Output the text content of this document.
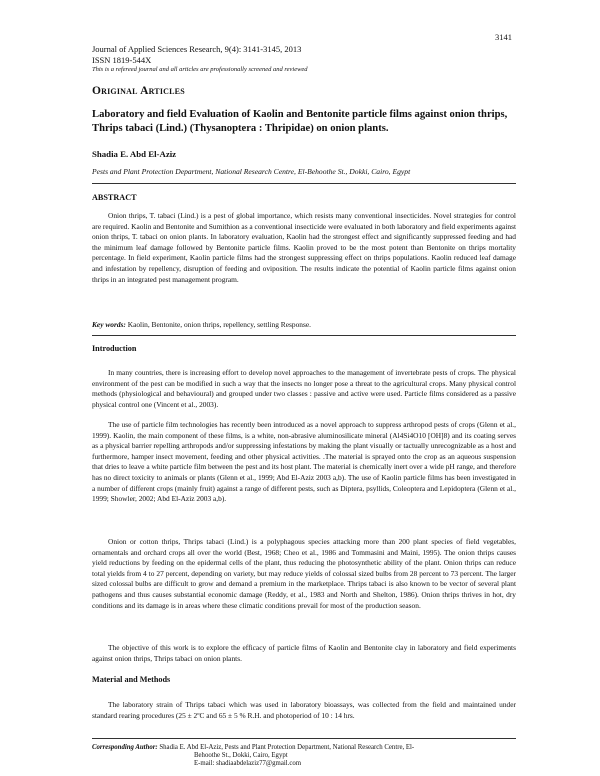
3141
Journal of Applied Sciences Research, 9(4): 3141-3145, 2013
ISSN 1819-544X
This is a refereed journal and all articles are professionally screened and reviewed
Original Articles
Laboratory and field Evaluation of Kaolin and Bentonite particle films against onion thrips, Thrips tabaci (Lind.) (Thysanoptera : Thripidae) on onion plants.
Shadia E. Abd El-Aziz
Pests and Plant Protection Department, National Research Centre, El-Behoothe St., Dokki, Cairo, Egypt
ABSTRACT
Onion thrips, T. tabaci (Lind.) is a pest of global importance, which resists many conventional insecticides. Novel strategies for control are required. Kaolin and Bentonite and Sumithion as a conventional insecticide were evaluated in both laboratory and field experiments against onion thrips, T. tabaci on onion plants. In laboratory evaluation, Kaolin had the strongest effect and significantly suppressed feeding and had the minimum leaf damage followed by Bentonite particle films. Kaolin proved to be the most potent than Bentonite on thrips mortality percentage. In field experiment, Kaolin particle films had the strongest suppressing effect on thrips populations. Kaolin reduced leaf damage and infestation by repellency, disruption of feeding and oviposition. The results indicate the potential of Kaolin particle films against onion thrips in an integrated pest management program.
Key words: Kaolin, Bentonite, onion thrips, repellency, settling Response.
Introduction
In many countries, there is increasing effort to develop novel approaches to the management of invertebrate pests of crops. The physical environment of the pest can be modified in such a way that the insects no longer pose a threat to the agricultural crops. Many physical control methods (physiological and behavioural) and grouped under two classes : passive and active were used. Particle films considered as a passive physical control one (Vincent et al., 2003).
The use of particle film technologies has recently been introduced as a novel approach to suppress arthropod pests of crops (Glenn et al., 1999). Kaolin, the main component of these films, is a white, non-abrasive aluminosilicate mineral (Al4Si4O10 [OH]8) and its coating serves as a physical barrier repelling arthropods and/or suppressing infestations by making the plant visually or tactually unrecognizable as a host and furthermore, hamper insect movement, feeding and other physical activities. .The material is sprayed onto the crop as an aqueous suspension that dries to leave a white particle film between the pest and its host plant. The material is chemically inert over a wide pH range, and therefore has no direct toxicity to animals or plants (Glenn et al., 1999; Abd El-Aziz 2003 a,b). The use of Kaolin particle films has been investigated in a number of different crops (mainly fruit) against a range of different pests, such as Diptera, psyllids, Coleoptera and Lepidoptera (Glenn et al., 1999; Showler, 2002; Abd El-Aziz 2003 a,b).
Onion or cotton thrips, Thrips tabaci (Lind.) is a polyphagous species attacking more than 200 plant species of field vegetables, ornamentals and orchard crops all over the world (Best, 1968; Cheo et al., 1986 and Tommasini and Maini, 1995). The onion thrips causes yield reductions by feeding on the epidermal cells of the plant, thus reducing the photosynthetic ability of the plant. Onion thrips can reduce total yields from 4 to 27 percent, depending on variety, but may reduce yields of colossal sized bulbs from 28 percent to 73 percent. The larger sized colossal bulbs are difficult to grow and demand a premium in the marketplace. Thrips tabaci is also known to be vector of several plant pathogens and thus causes substantial economic damage (Reddy, et al., 1983 and North and Shelton, 1986). Onion thrips thrives in hot, dry conditions and its damage is in areas where these climatic conditions prevail for most of the production season.
The objective of this work is to explore the efficacy of particle films of Kaolin and Bentonite clay in laboratory and field experiments against onion thrips, Thrips tabaci on onion plants.
Material and Methods
The laboratory strain of Thrips tabaci which was used in laboratory bioassays, was collected from the field and maintained under standard rearing procedures (25 ± 2ºC and 65 ± 5 % R.H. and photoperiod of 10 : 14 hrs.
Corresponding Author: Shadia E. Abd El-Aziz, Pests and Plant Protection Department, National Research Centre, El-
Behoothe St., Dokki, Cairo, Egypt
E-mail: shadiaabdelaziz77@gmail.com
